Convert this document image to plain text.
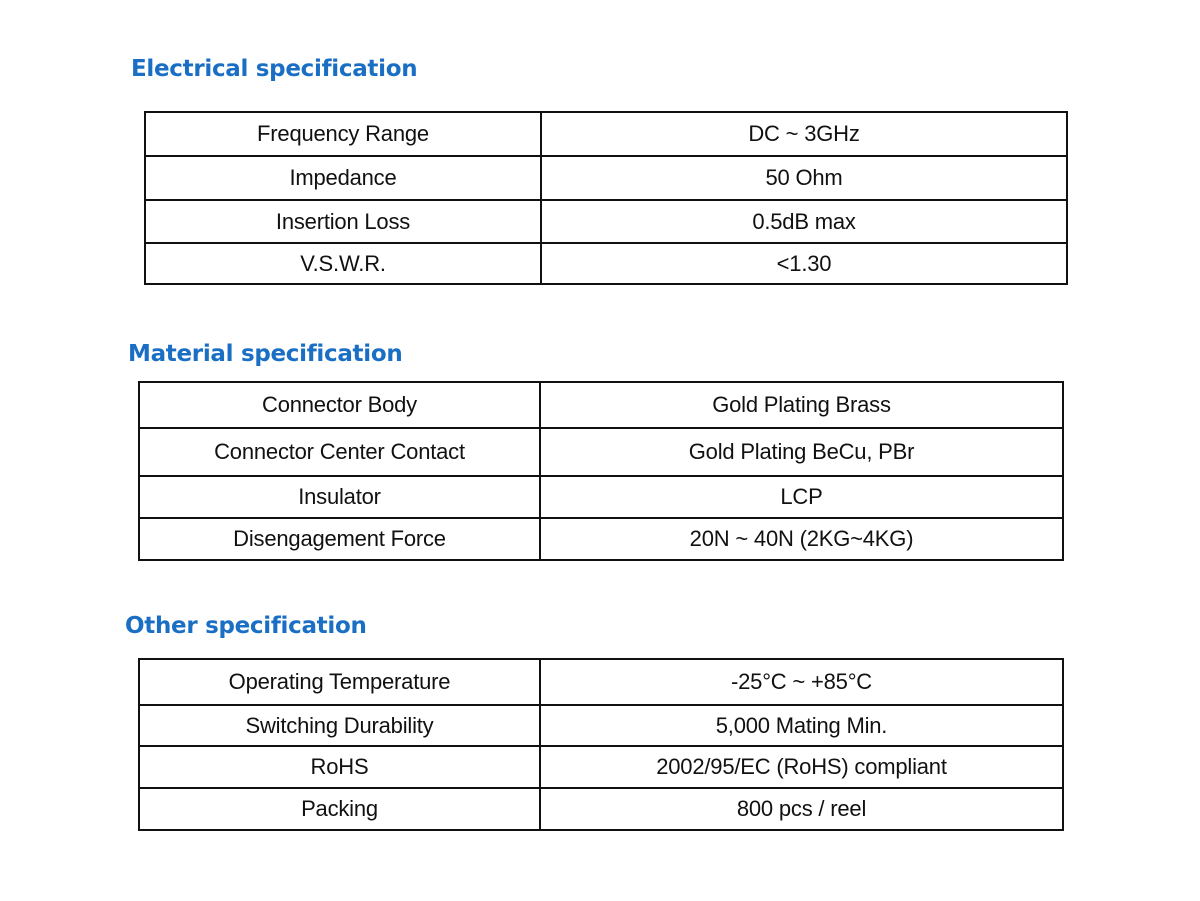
Electrical specification
Frequency Range	DC ~ 3GHz
Impedance	50 Ohm
Insertion Loss	0.5dB max
V.S.W.R.	<1.30
Material specification
Connector Body	Gold Plating Brass
Connector Center Contact	Gold Plating BeCu, PBr
Insulator	LCP
Disengagement Force	20N ~ 40N (2KG~4KG)
Other specification
Operating Temperature	-25°C ~ +85°C
Switching Durability	5,000 Mating Min.
RoHS	2002/95/EC (RoHS) compliant
Packing	800 pcs / reel
